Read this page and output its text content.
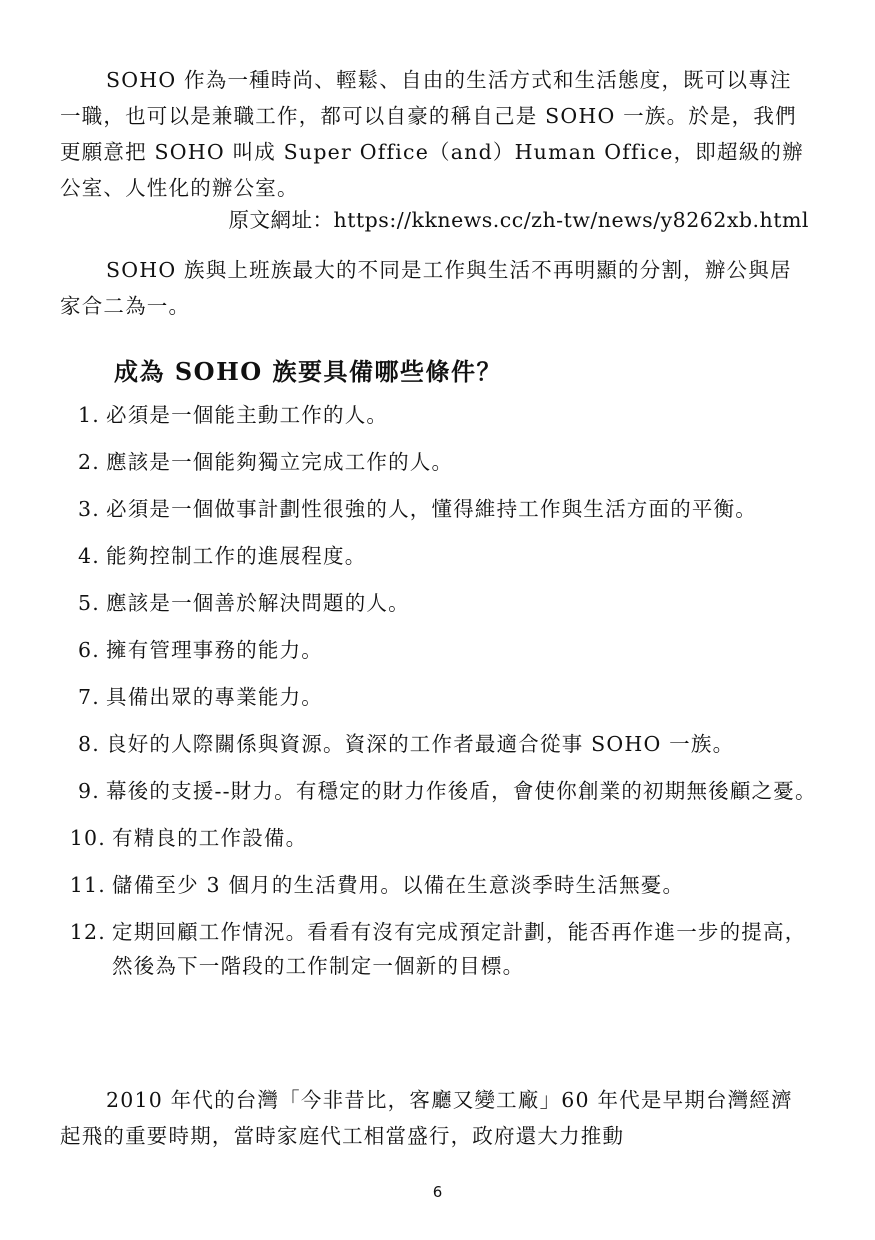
SOHO 作為一種時尚、輕鬆、自由的生活方式和生活態度，既可以專注一職，也可以是兼職工作，都可以自豪的稱自己是 SOHO 一族。於是，我們更願意把 SOHO 叫成 Super Office（and）Human Office，即超級的辦公室、人性化的辦公室。

原文網址：https://kknews.cc/zh-tw/news/y8262xb.html

SOHO 族與上班族最大的不同是工作與生活不再明顯的分割，辦公與居家合二為一。

成為 SOHO 族要具備哪些條件？
1. 必須是一個能主動工作的人。
2. 應該是一個能夠獨立完成工作的人。
3. 必須是一個做事計劃性很強的人，懂得維持工作與生活方面的平衡。
4. 能夠控制工作的進展程度。
5. 應該是一個善於解決問題的人。
6. 擁有管理事務的能力。
7. 具備出眾的專業能力。
8. 良好的人際關係與資源。資深的工作者最適合從事 SOHO 一族。
9. 幕後的支援--財力。有穩定的財力作後盾，會使你創業的初期無後顧之憂。
10. 有精良的工作設備。
11. 儲備至少 3 個月的生活費用。以備在生意淡季時生活無憂。
12. 定期回顧工作情況。看看有沒有完成預定計劃，能否再作進一步的提高，然後為下一階段的工作制定一個新的目標。

2010 年代的台灣「今非昔比，客廳又變工廠」60 年代是早期台灣經濟起飛的重要時期，當時家庭代工相當盛行，政府還大力推動

6
